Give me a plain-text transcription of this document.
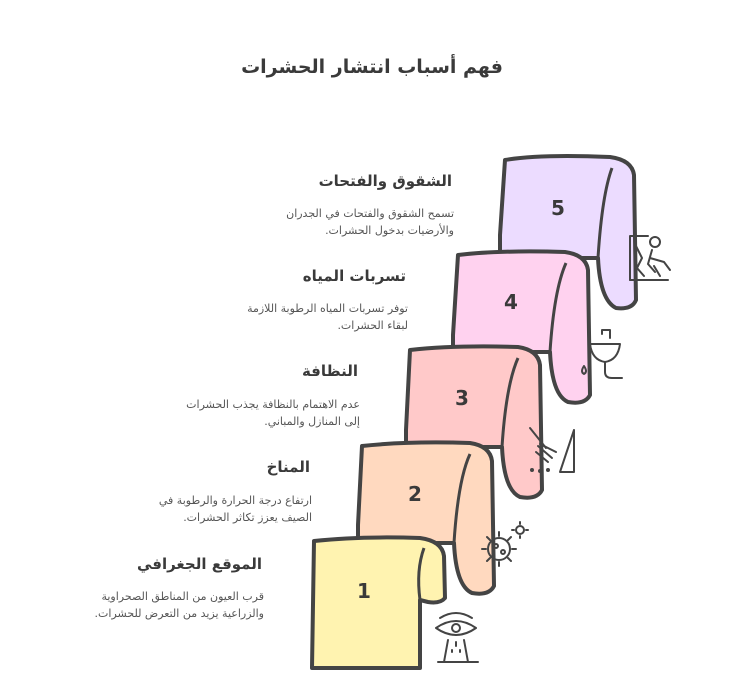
فهم أسباب انتشار الحشرات
5
4
3
2
1
الشقوق والفتحات
تسمح الشقوق والفتحات في الجدران
والأرضيات بدخول الحشرات.
تسربات المياه
توفر تسربات المياه الرطوبة اللازمة
لبقاء الحشرات.
النظافة
عدم الاهتمام بالنظافة يجذب الحشرات
إلى المنازل والمباني.
المناخ
ارتفاع درجة الحرارة والرطوبة في
الصيف يعزز تكاثر الحشرات.
الموقع الجغرافي
قرب العيون من المناطق الصحراوية
والزراعية يزيد من التعرض للحشرات.
